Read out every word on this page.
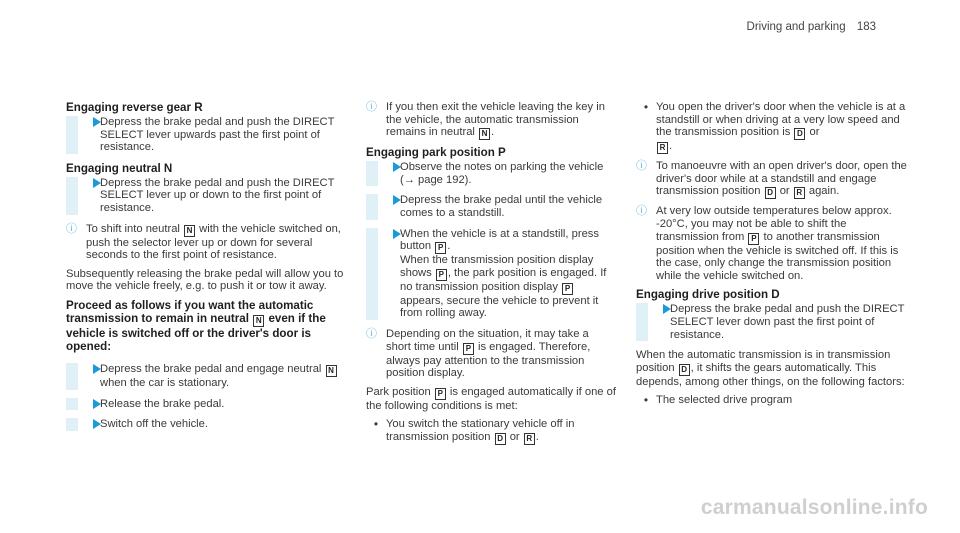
Driving and parking 183
Engaging reverse gear R
Depress the brake pedal and push the DIRECT SELECT lever upwards past the first point of resistance.
Engaging neutral N
Depress the brake pedal and push the DIRECT SELECT lever up or down to the first point of resistance.
ⓘ To shift into neutral N with the vehicle switched on, push the selector lever up or down for several seconds to the first point of resistance.
Subsequently releasing the brake pedal will allow you to move the vehicle freely, e.g. to push it or tow it away.
Proceed as follows if you want the automatic transmission to remain in neutral N even if the vehicle is switched off or the driver's door is opened:
Depress the brake pedal and engage neutral N when the car is stationary.
Release the brake pedal.
Switch off the vehicle.
ⓘ If you then exit the vehicle leaving the key in the vehicle, the automatic transmission remains in neutral N .
Engaging park position P
Observe the notes on parking the vehicle (→ page 192).
Depress the brake pedal until the vehicle comes to a standstill.
When the vehicle is at a standstill, press button P .
When the transmission position display shows P , the park position is engaged. If no transmission position display P appears, secure the vehicle to prevent it from rolling away.
ⓘ Depending on the situation, it may take a short time until P is engaged. Therefore, always pay attention to the transmission position display.
Park position P is engaged automatically if one of the following conditions is met:
• You switch the stationary vehicle off in transmission position D or R .
• You open the driver's door when the vehicle is at a standstill or when driving at a very low speed and the transmission position is D or
R .
ⓘ To manoeuvre with an open driver's door, open the driver's door while at a standstill and engage transmission position D or R again.
ⓘ At very low outside temperatures below approx. -20°C, you may not be able to shift the transmission from P to another transmission position when the vehicle is switched off. If this is the case, only change the transmission position while the vehicle switched on.
Engaging drive position D
Depress the brake pedal and push the DIRECT SELECT lever down past the first point of resistance.
When the automatic transmission is in transmission position D , it shifts the gears automatically. This depends, among other things, on the following factors:
• The selected drive program
carmanualsonline.info
